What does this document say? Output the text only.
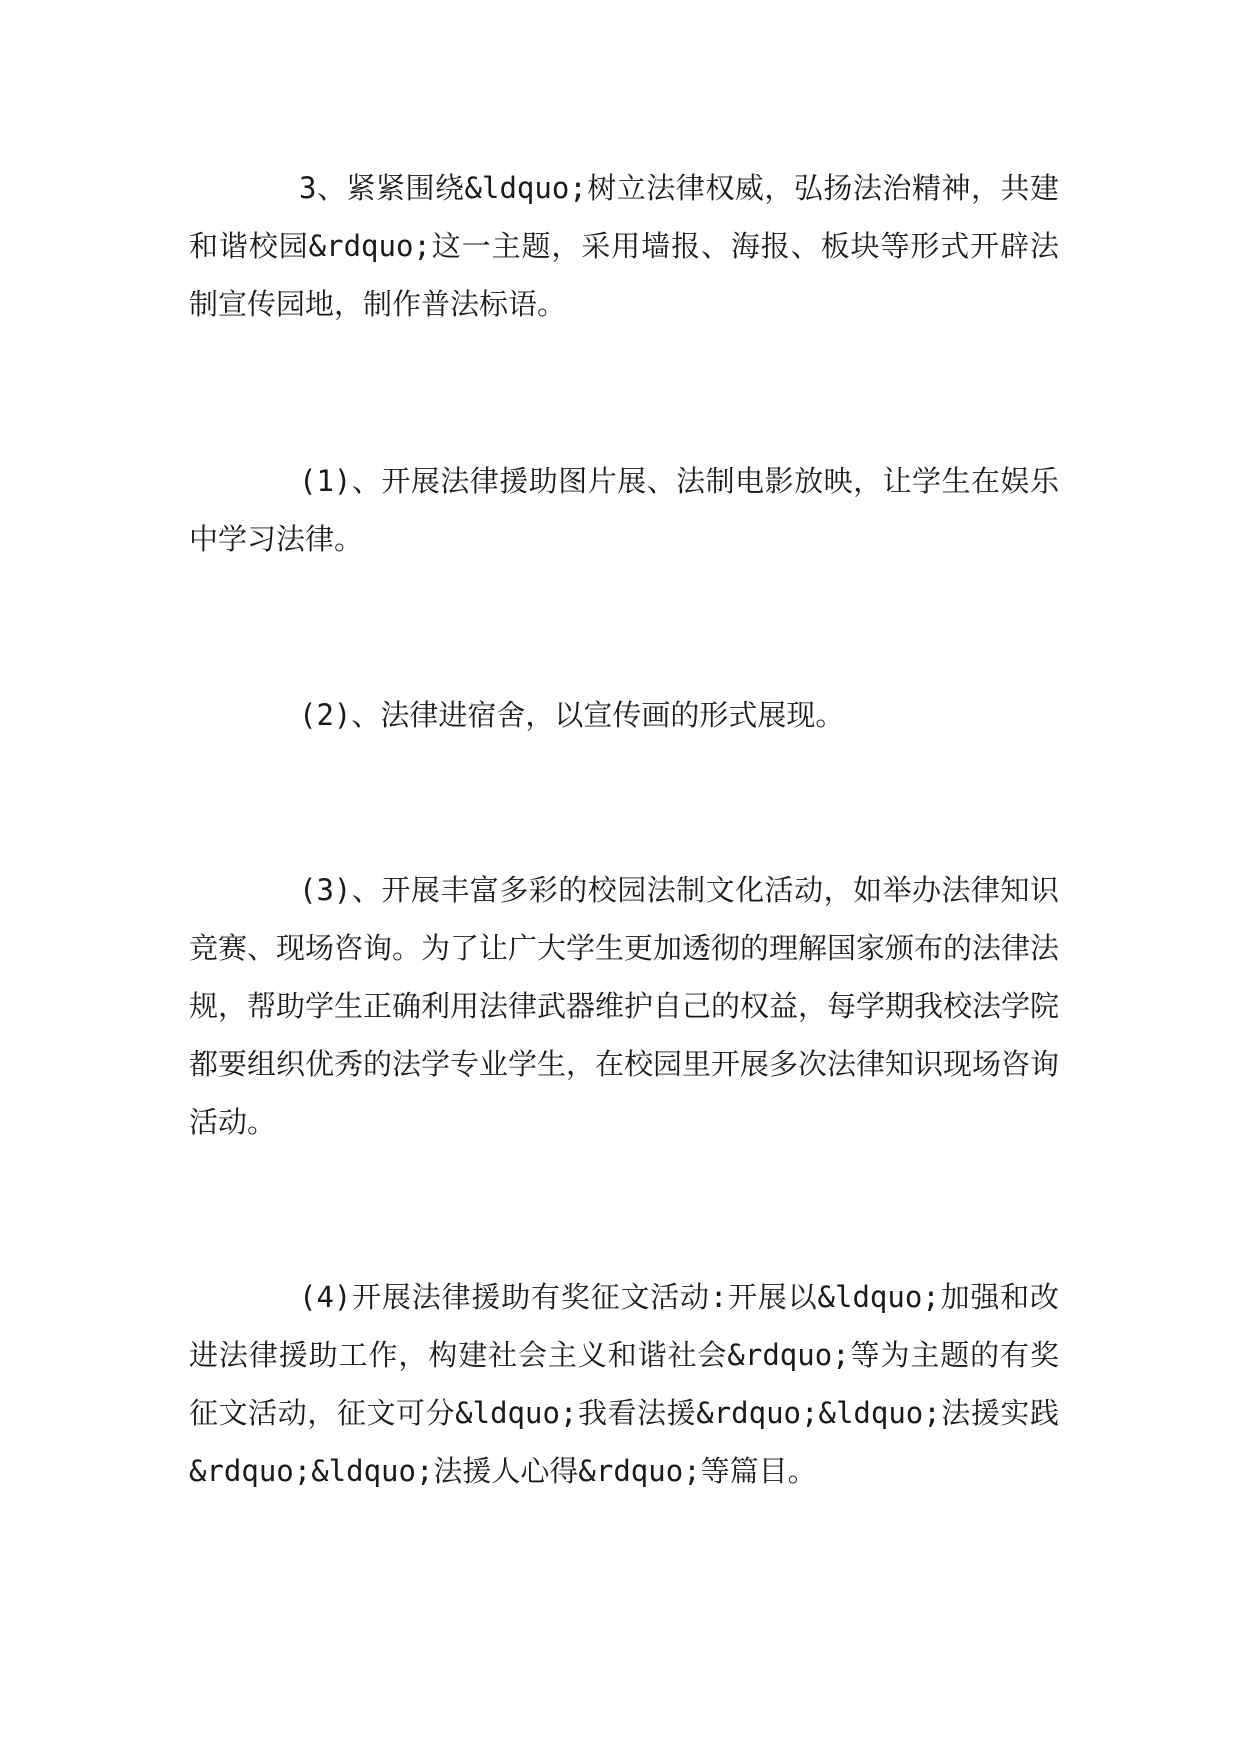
3、紧紧围绕&ldquo;树立法律权威，弘扬法治精神，共建和谐校园&rdquo;这一主题，采用墙报、海报、板块等形式开辟法制宣传园地，制作普法标语。

(1)、开展法律援助图片展、法制电影放映，让学生在娱乐中学习法律。

(2)、法律进宿舍，以宣传画的形式展现。

(3)、开展丰富多彩的校园法制文化活动，如举办法律知识竞赛、现场咨询。为了让广大学生更加透彻的理解国家颁布的法律法规，帮助学生正确利用法律武器维护自己的权益，每学期我校法学院都要组织优秀的法学专业学生，在校园里开展多次法律知识现场咨询活动。

(4)开展法律援助有奖征文活动:开展以&ldquo;加强和改进法律援助工作，构建社会主义和谐社会&rdquo;等为主题的有奖征文活动，征文可分&ldquo;我看法援&rdquo;&ldquo;法援实践&rdquo;&ldquo;法援人心得&rdquo;等篇目。
